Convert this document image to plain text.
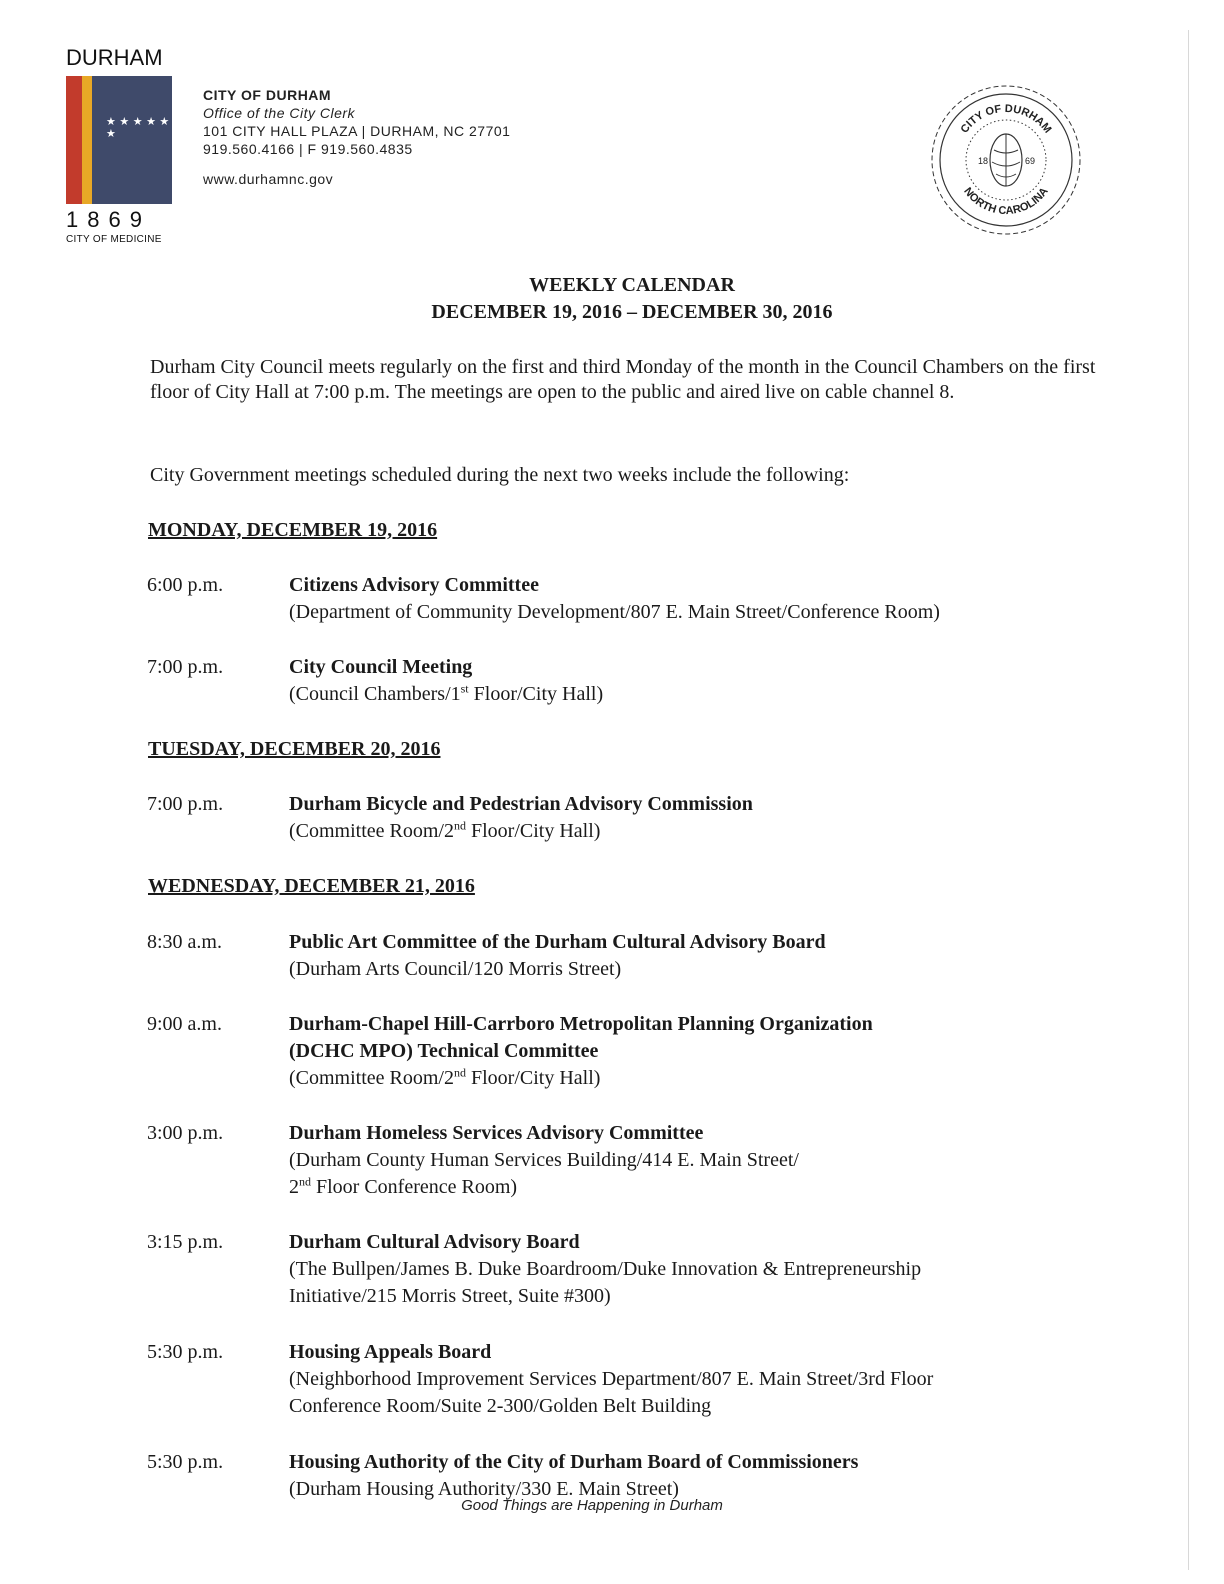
DURHAM
★ ★ ★ ★ ★ ★
1869
CITY OF MEDICINE
CITY OF DURHAM
Office of the City Clerk
101 CITY HALL PLAZA | DURHAM, NC 27701
919.560.4166 | F 919.560.4835
www.durhamnc.gov
CITY OF DURHAM
NORTH CAROLINA
18	69
WEEKLY CALENDAR
DECEMBER 19, 2016 – DECEMBER 30, 2016
Durham City Council meets regularly on the first and third Monday of the month in the Council Chambers on the first floor of City Hall at 7:00 p.m. The meetings are open to the public and aired live on cable channel 8.
City Government meetings scheduled during the next two weeks include the following:
MONDAY, DECEMBER 19, 2016
6:00 p.m.	Citizens Advisory Committee
(Department of Community Development/807 E. Main Street/Conference Room)
7:00 p.m.	City Council Meeting
(Council Chambers/1st Floor/City Hall)
TUESDAY, DECEMBER 20, 2016
7:00 p.m.	Durham Bicycle and Pedestrian Advisory Commission
(Committee Room/2nd Floor/City Hall)
WEDNESDAY, DECEMBER 21, 2016
8:30 a.m.	Public Art Committee of the Durham Cultural Advisory Board
(Durham Arts Council/120 Morris Street)
9:00 a.m.	Durham-Chapel Hill-Carrboro Metropolitan Planning Organization
(DCHC MPO) Technical Committee
(Committee Room/2nd Floor/City Hall)
3:00 p.m.	Durham Homeless Services Advisory Committee
(Durham County Human Services Building/414 E. Main Street/
2nd Floor Conference Room)
3:15 p.m.	Durham Cultural Advisory Board
(The Bullpen/James B. Duke Boardroom/Duke Innovation & Entrepreneurship
Initiative/215 Morris Street, Suite #300)
5:30 p.m.	Housing Appeals Board
(Neighborhood Improvement Services Department/807 E. Main Street/3rd Floor
Conference Room/Suite 2-300/Golden Belt Building
5:30 p.m.	Housing Authority of the City of Durham Board of Commissioners
(Durham Housing Authority/330 E. Main Street)
Good Things are Happening in Durham
